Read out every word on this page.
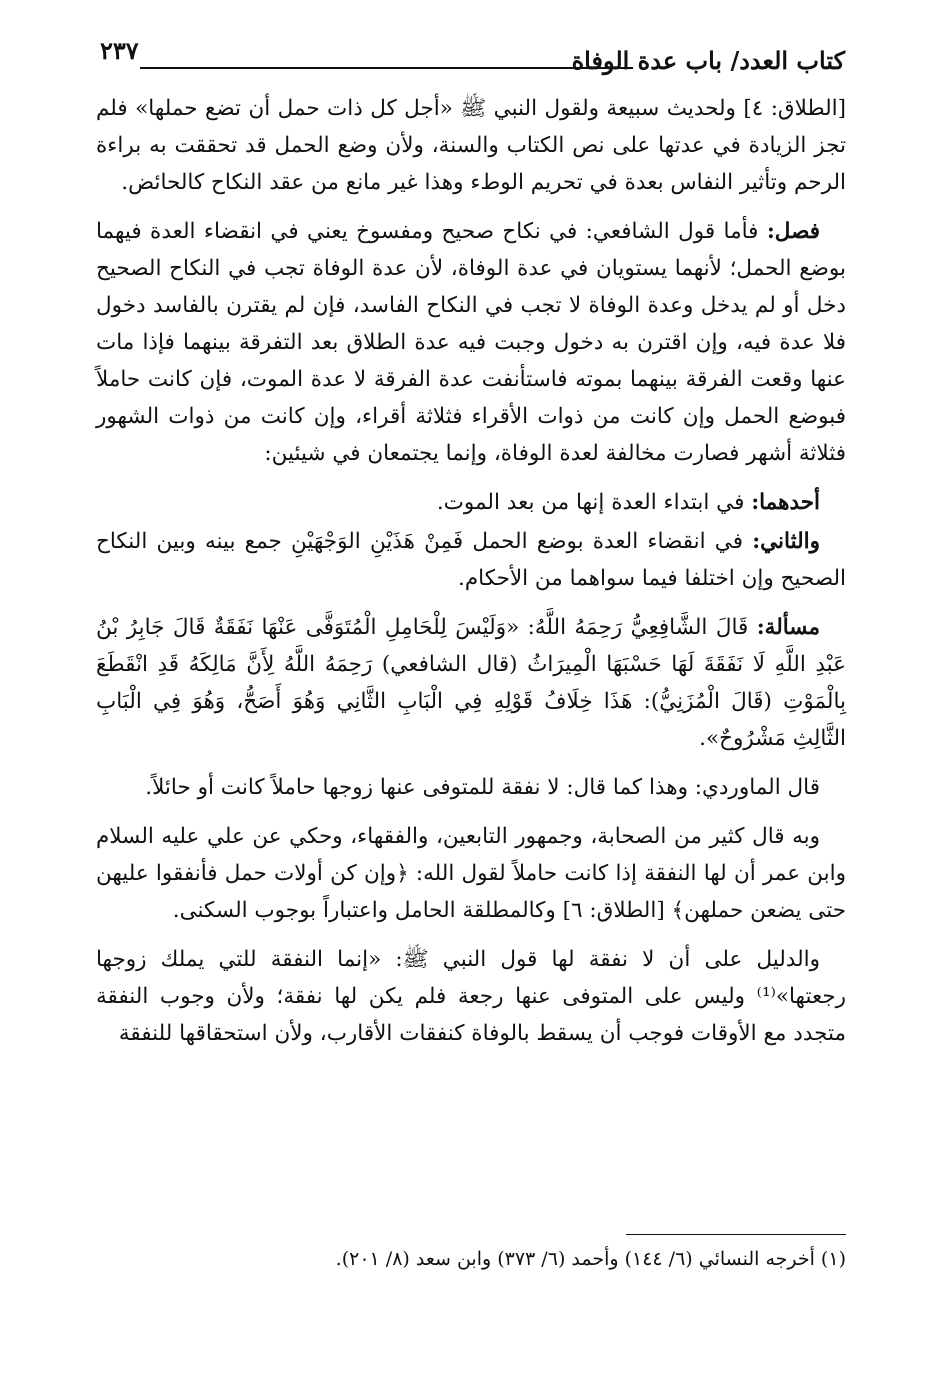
٢٣٧	كتاب العدد/ باب عدة الوفاة

[الطلاق: ٤] ولحديث سبيعة ولقول النبي ﷺ «أجل كل ذات حمل أن تضع حملها» فلم تجز الزيادة في عدتها على نص الكتاب والسنة، ولأن وضع الحمل قد تحققت به براءة الرحم وتأثير النفاس بعدة في تحريم الوطء وهذا غير مانع من عقد النكاح كالحائض.

فصل: فأما قول الشافعي: في نكاح صحيح ومفسوخ يعني في انقضاء العدة فيهما بوضع الحمل؛ لأنهما يستويان في عدة الوفاة، لأن عدة الوفاة تجب في النكاح الصحيح دخل أو لم يدخل وعدة الوفاة لا تجب في النكاح الفاسد، فإن لم يقترن بالفاسد دخول فلا عدة فيه، وإن اقترن به دخول وجبت فيه عدة الطلاق بعد التفرقة بينهما فإذا مات عنها وقعت الفرقة بينهما بموته فاستأنفت عدة الفرقة لا عدة الموت، فإن كانت حاملاً فبوضع الحمل وإن كانت من ذوات الأقراء فثلاثة أقراء، وإن كانت من ذوات الشهور فثلاثة أشهر فصارت مخالفة لعدة الوفاة، وإنما يجتمعان في شيئين:

أحدهما: في ابتداء العدة إنها من بعد الموت.

والثاني: في انقضاء العدة بوضع الحمل فَمِنْ هَذَيْنِ الوَجْهَيْنِ جمع بينه وبين النكاح الصحيح وإن اختلفا فيما سواهما من الأحكام.

مسألة: قَالَ الشَّافِعِيُّ رَحِمَهُ اللَّهُ: «وَلَيْسَ لِلْحَامِلِ الْمُتَوَفَّى عَنْهَا نَفَقَةٌ قَالَ جَابِرُ بْنُ عَبْدِ اللَّهِ لَا نَفَقَةَ لَهَا حَسْبَهَا الْمِيرَاثُ (قال الشافعي) رَحِمَهُ اللَّهُ لِأَنَّ مَالِكَهُ قَدِ انْقَطَعَ بِالْمَوْتِ (قَالَ الْمُزَنِيُّ): هَذَا خِلَافُ قَوْلِهِ فِي الْبَابِ الثَّانِي وَهُوَ أَصَحُّ، وَهُوَ فِي الْبَابِ الثَّالِثِ مَشْرُوحٌ».

قال الماوردي: وهذا كما قال: لا نفقة للمتوفى عنها زوجها حاملاً كانت أو حائلاً.

وبه قال كثير من الصحابة، وجمهور التابعين، والفقهاء، وحكي عن علي عليه السلام وابن عمر أن لها النفقة إذا كانت حاملاً لقول الله: ﴿وإن كن أولات حمل فأنفقوا عليهن حتى يضعن حملهن﴾ [الطلاق: ٦] وكالمطلقة الحامل واعتباراً بوجوب السكنى.

والدليل على أن لا نفقة لها قول النبي ﷺ: «إنما النفقة للتي يملك زوجها رجعتها»⁽¹⁾ وليس على المتوفى عنها رجعة فلم يكن لها نفقة؛ ولأن وجوب النفقة متجدد مع الأوقات فوجب أن يسقط بالوفاة كنفقات الأقارب، ولأن استحقاقها للنفقة

(١) أخرجه النسائي (٦/ ١٤٤) وأحمد (٦/ ٣٧٣) وابن سعد (٨/ ٢٠١).
